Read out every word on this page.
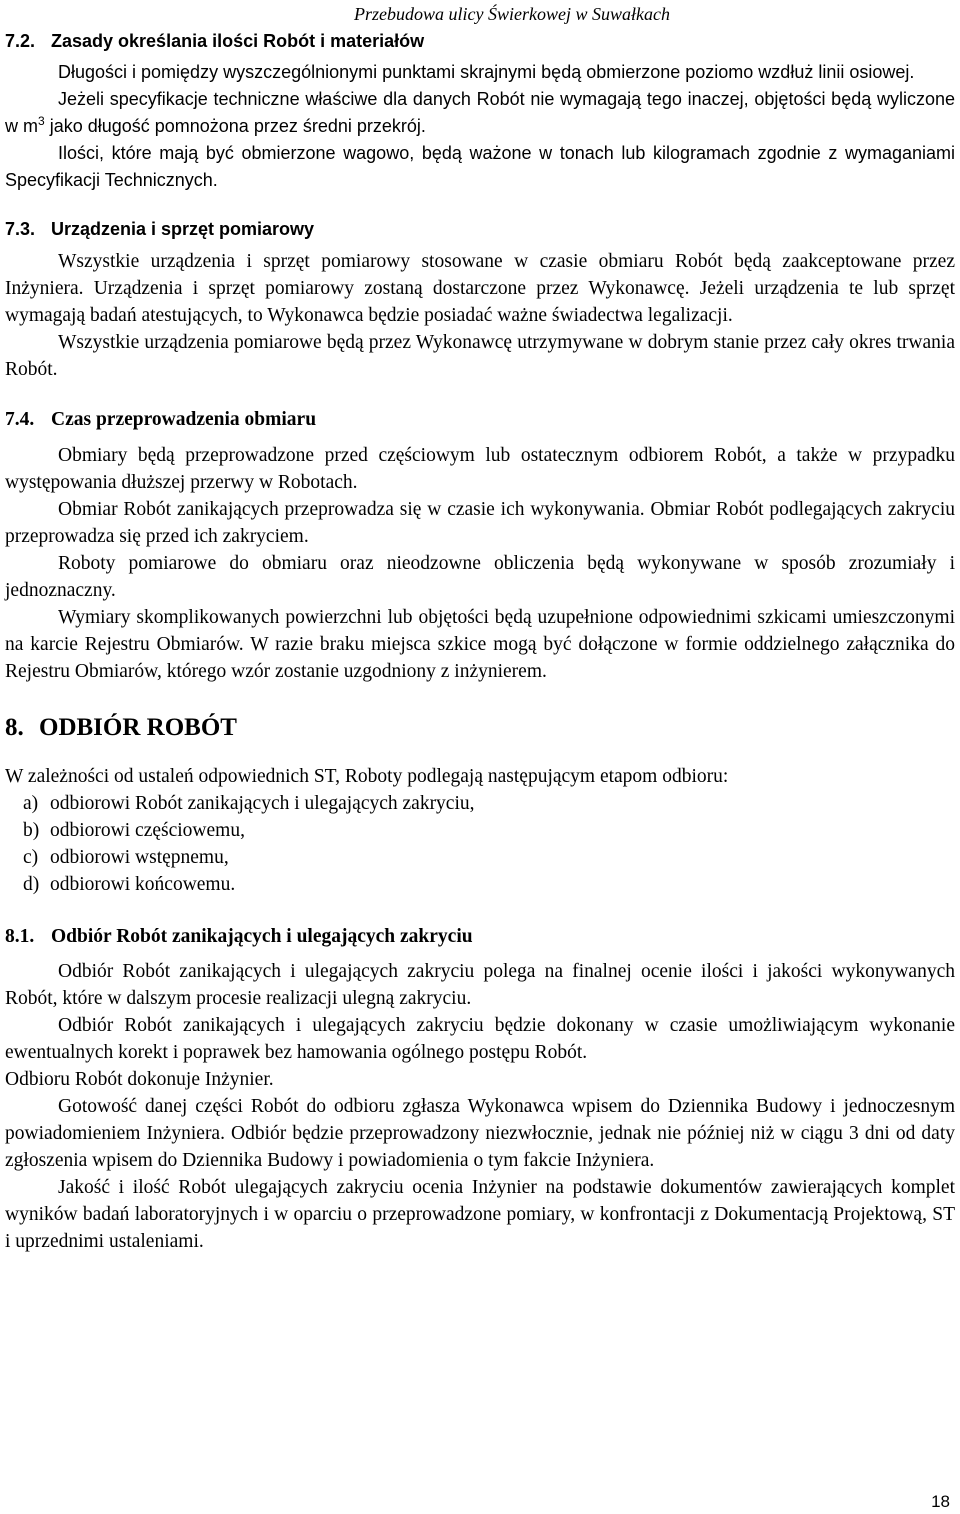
Przebudowa ulicy Świerkowej w Suwałkach
7.2. Zasady określania ilości Robót i materiałów

Długości i pomiędzy wyszczególnionymi punktami skrajnymi będą obmierzone poziomo wzdłuż linii osiowej.

Jeżeli specyfikacje techniczne właściwe dla danych Robót nie wymagają tego inaczej, objętości będą wyliczone w $m^3$ jako długość pomnożona przez średni przekrój.

Ilości, które mają być obmierzone wagowo, będą ważone w tonach lub kilogramach zgodnie z wymaganiami Specyfikacji Technicznych.

7.3. Urządzenia i sprzęt pomiarowy

Wszystkie urządzenia i sprzęt pomiarowy stosowane w czasie obmiaru Robót będą zaakceptowane przez Inżyniera. Urządzenia i sprzęt pomiarowy zostaną dostarczone przez Wykonawcę. Jeżeli urządzenia te lub sprzęt wymagają badań atestujących, to Wykonawca będzie posiadać ważne świadectwa legalizacji.

Wszystkie urządzenia pomiarowe będą przez Wykonawcę utrzymywane w dobrym stanie przez cały okres trwania Robót.

7.4. Czas przeprowadzenia obmiaru

Obmiary będą przeprowadzone przed częściowym lub ostatecznym odbiorem Robót, a także w przypadku występowania dłuższej przerwy w Robotach.

Obmiar Robót zanikających przeprowadza się w czasie ich wykonywania. Obmiar Robót podlegających zakryciu przeprowadza się przed ich zakryciem.

Roboty pomiarowe do obmiaru oraz nieodzowne obliczenia będą wykonywane w sposób zrozumiały i jednoznaczny.

Wymiary skomplikowanych powierzchni lub objętości będą uzupełnione odpowiednimi szkicami umieszczonymi na karcie Rejestru Obmiarów. W razie braku miejsca szkice mogą być dołączone w formie oddzielnego załącznika do Rejestru Obmiarów, którego wzór zostanie uzgodniony z inżynierem.

8. ODBIÓR ROBÓT

W zależności od ustaleń odpowiednich ST, Roboty podlegają następującym etapom odbioru:

a) odbiorowi Robót zanikających i ulegających zakryciu,
b) odbiorowi częściowemu,
c) odbiorowi wstępnemu,
d) odbiorowi końcowemu.
8.1. Odbiór Robót zanikających i ulegających zakryciu

Odbiór Robót zanikających i ulegających zakryciu polega na finalnej ocenie ilości i jakości wykonywanych Robót, które w dalszym procesie realizacji ulegną zakryciu.

Odbiór Robót zanikających i ulegających zakryciu będzie dokonany w czasie umożliwiającym wykonanie ewentualnych korekt i poprawek bez hamowania ogólnego postępu Robót.

Odbioru Robót dokonuje Inżynier.

Gotowość danej części Robót do odbioru zgłasza Wykonawca wpisem do Dziennika Budowy i jednoczesnym powiadomieniem Inżyniera. Odbiór będzie przeprowadzony niezwłocznie, jednak nie później niż w ciągu 3 dni od daty zgłoszenia wpisem do Dziennika Budowy i powiadomienia o tym fakcie Inżyniera.

Jakość i ilość Robót ulegających zakryciu ocenia Inżynier na podstawie dokumentów zawierających komplet wyników badań laboratoryjnych i w oparciu o przeprowadzone pomiary, w konfrontacji z Dokumentacją Projektową, ST i uprzednimi ustaleniami.

18
